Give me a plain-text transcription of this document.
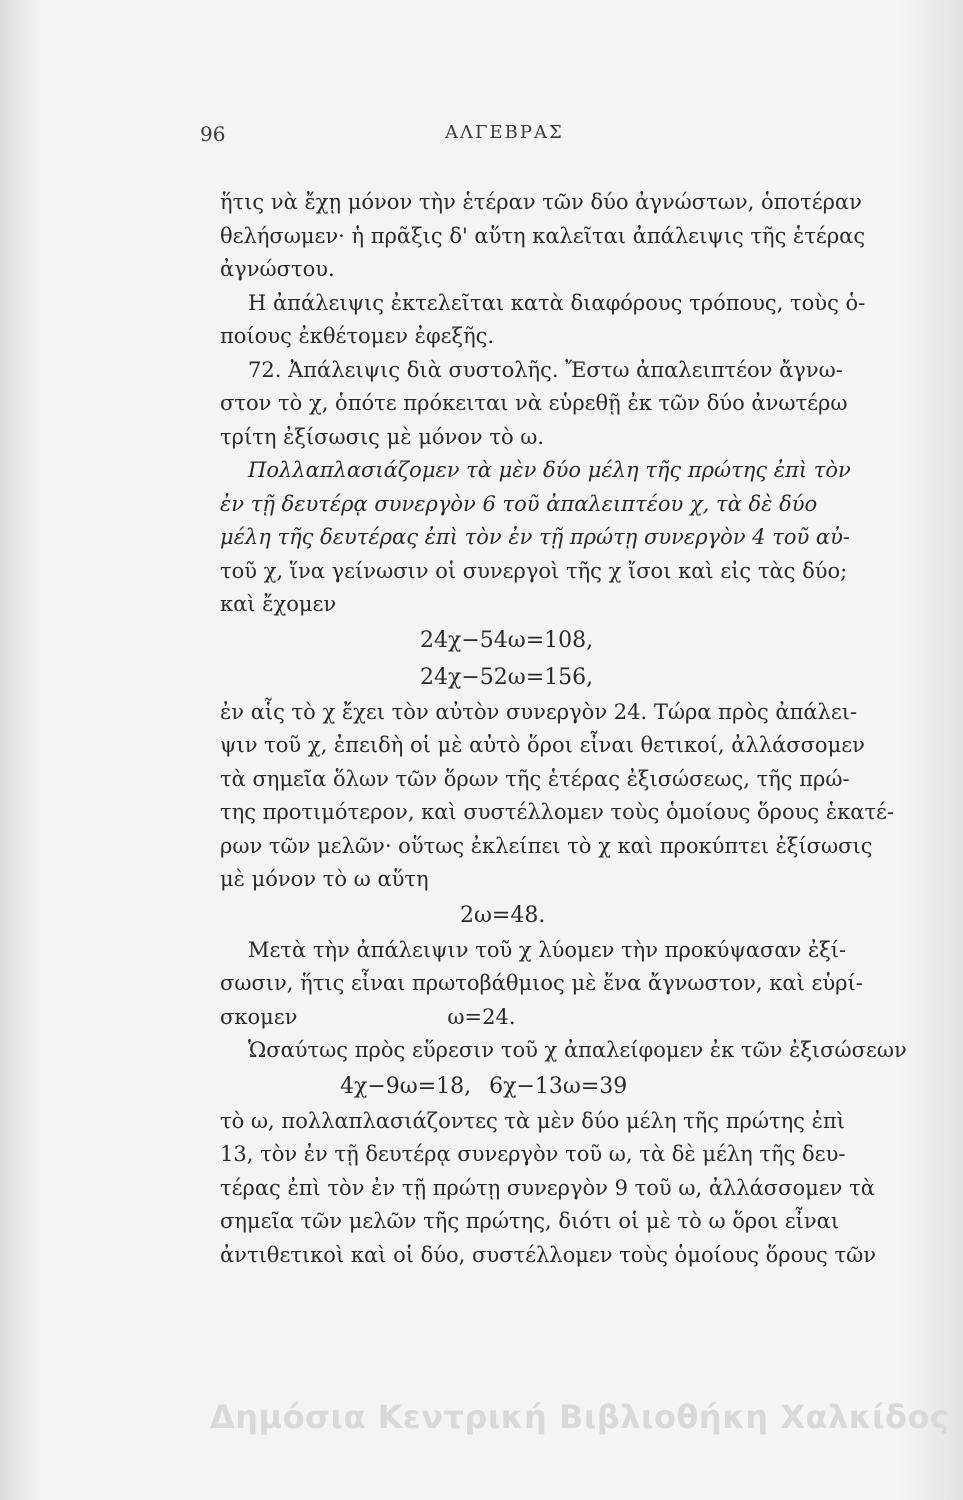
96	ΑΛΓΕΒΡΑΣ
ἥτις νὰ ἔχῃ μόνον τὴν ἑτέραν τῶν δύο ἀγνώστων, ὁποτέραν
θελήσωμεν· ἡ πρᾶξις δ' αὕτη καλεῖται ἀπάλειψις τῆς ἑτέρας
ἀγνώστου.
Η ἀπάλειψις ἐκτελεῖται κατὰ διαφόρους τρόπους, τοὺς ὁ-
ποίους ἐκθέτομεν ἐφεξῆς.
72. Ἀπάλειψις διὰ συστολῆς. Ἔστω ἀπαλειπτέον ἄγνω-
στον τὸ χ, ὁπότε πρόκειται νὰ εὑρεθῇ ἐκ τῶν δύο ἀνωτέρω
τρίτη ἐξίσωσις μὲ μόνον τὸ ω.
Πολλαπλασιάζομεν τὰ μὲν δύο μέλη τῆς πρώτης ἐπὶ τὸν
ἐν τῇ δευτέρᾳ συνεργὸν 6 τοῦ ἀπαλειπτέου χ, τὰ δὲ δύο
μέλη τῆς δευτέρας ἐπὶ τὸν ἐν τῇ πρώτῃ συνεργὸν 4 τοῦ αὐ-
τοῦ χ, ἵνα γείνωσιν οἱ συνεργοὶ τῆς χ ἴσοι καὶ εἰς τὰς δύο;
καὶ ἔχομεν
24χ−54ω=108,
24χ−52ω=156,
ἐν αἷς τὸ χ ἔχει τὸν αὐτὸν συνεργὸν 24. Τώρα πρὸς ἀπάλει-
ψιν τοῦ χ, ἐπειδὴ οἱ μὲ αὐτὸ ὅροι εἶναι θετικοί, ἀλλάσσομεν
τὰ σημεῖα ὅλων τῶν ὅρων τῆς ἑτέρας ἐξισώσεως, τῆς πρώ-
της προτιμότερον, καὶ συστέλλομεν τοὺς ὁμοίους ὅρους ἑκατέ-
ρων τῶν μελῶν· οὕτως ἐκλείπει τὸ χ καὶ προκύπτει ἐξίσωσις
μὲ μόνον τὸ ω αὕτη
2ω=48.
Μετὰ τὴν ἀπάλειψιν τοῦ χ λύομεν τὴν προκύψασαν ἐξί-
σωσιν, ἥτις εἶναι πρωτοβάθμιος μὲ ἕνα ἄγνωστον, καὶ εὑρί-
σκομεν	ω=24.
Ὡσαύτως πρὸς εὕρεσιν τοῦ χ ἀπαλείφομεν ἐκ τῶν ἐξισώσεων
4χ−9ω=18, 6χ−13ω=39
τὸ ω, πολλαπλασιάζοντες τὰ μὲν δύο μέλη τῆς πρώτης ἐπὶ
13, τὸν ἐν τῇ δευτέρᾳ συνεργὸν τοῦ ω, τὰ δὲ μέλη τῆς δευ-
τέρας ἐπὶ τὸν ἐν τῇ πρώτῃ συνεργὸν 9 τοῦ ω, ἀλλάσσομεν τὰ
σημεῖα τῶν μελῶν τῆς πρώτης, διότι οἱ μὲ τὸ ω ὅροι εἶναι
ἀντιθετικοὶ καὶ οἱ δύο, συστέλλομεν τοὺς ὁμοίους ὅρους τῶν
Δημόσια Κεντρική Βιβλιοθήκη Χαλκίδος
